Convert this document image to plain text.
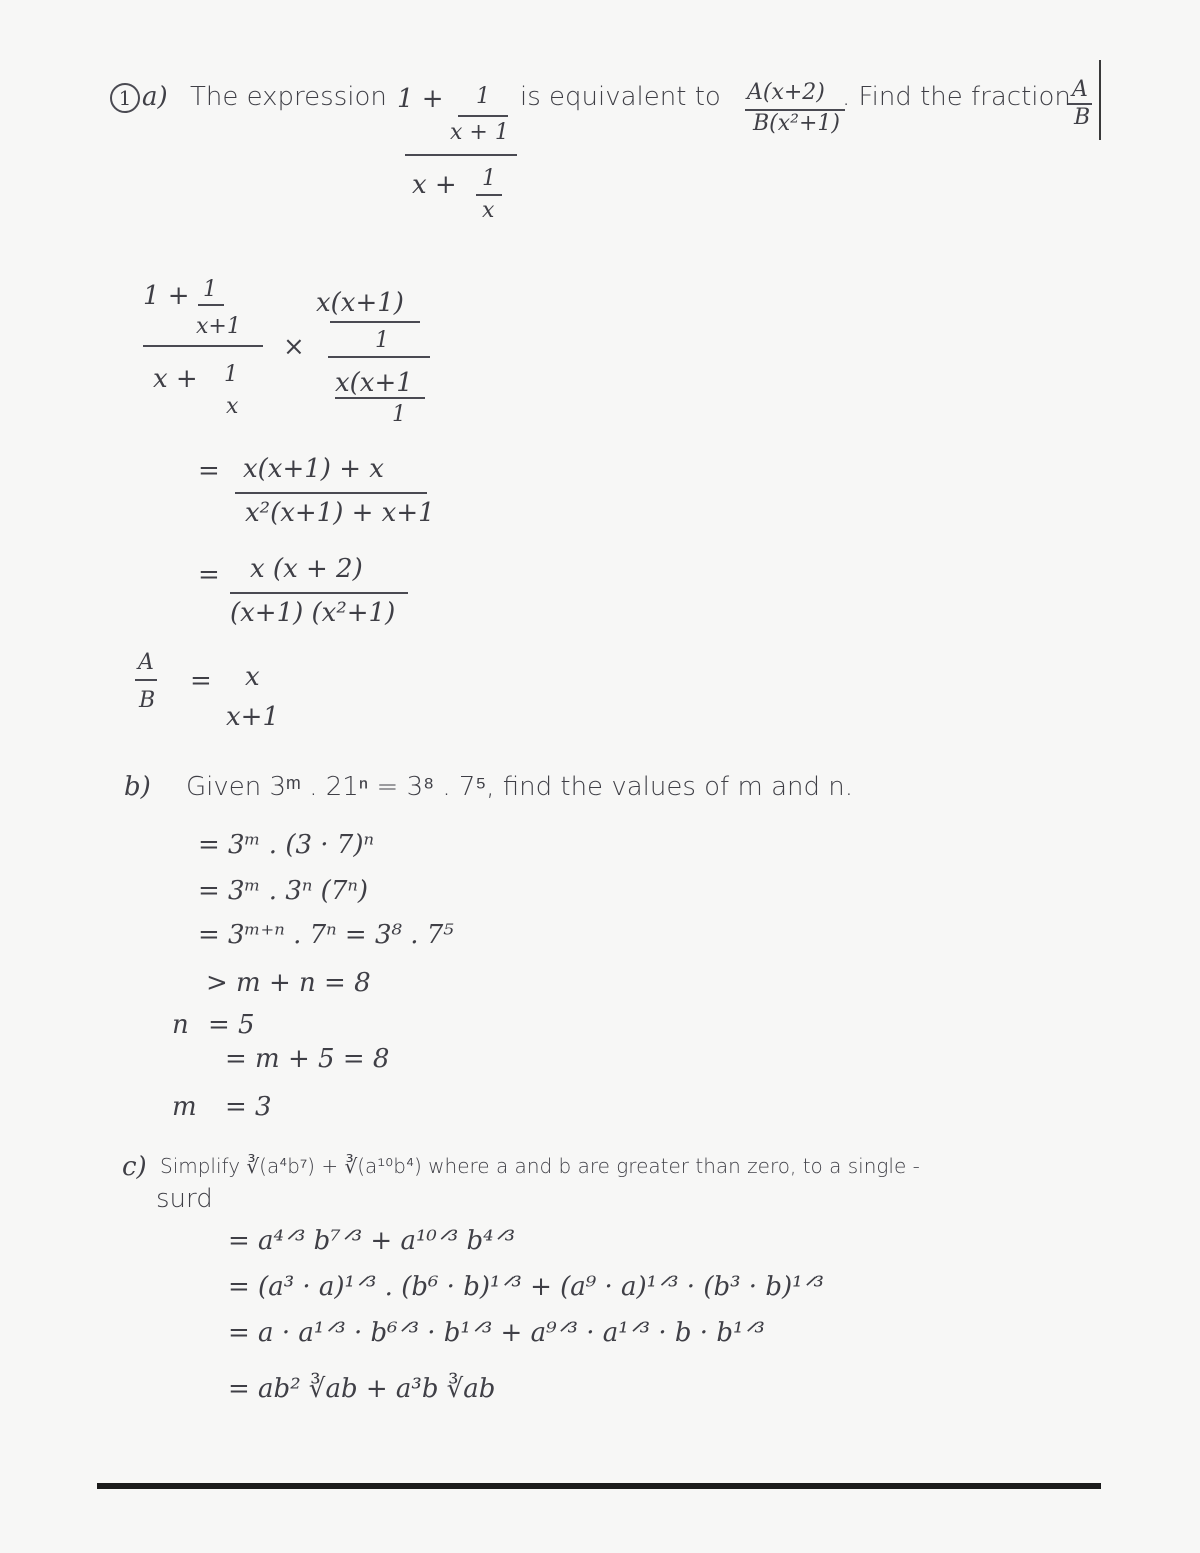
1 a) The expression 1 + 1
x + 1
x + 1
x
is equivalent to A(x+2)
B(x²+1)
. Find the fraction A
B
1 + 1
x+1
x + 1
x
×
x(x+1)
1
x(x+1
1
= x(x+1) + x
x²(x+1) + x+1
= x (x + 2)
(x+1) (x²+1)
A
B
= x
x+1
b) Given 3ᵐ . 21ⁿ = 3⁸ . 7⁵, find the values of m and n.
= 3ᵐ . (3 · 7)ⁿ
= 3ᵐ . 3ⁿ (7ⁿ)
= 3ᵐ⁺ⁿ . 7ⁿ = 3⁸ . 7⁵
> m + n = 8
n = 5
= m + 5 = 8
m = 3
c) Simplify ∛(a⁴b⁷) + ∛(a¹⁰b⁴) where a and b are greater than zero, to a single -
surd
= a⁴ᐟ³ b⁷ᐟ³ + a¹⁰ᐟ³ b⁴ᐟ³
= (a³ · a)¹ᐟ³ . (b⁶ · b)¹ᐟ³ + (a⁹ · a)¹ᐟ³ · (b³ · b)¹ᐟ³
= a · a¹ᐟ³ · b⁶ᐟ³ · b¹ᐟ³ + a⁹ᐟ³ · a¹ᐟ³ · b · b¹ᐟ³
= ab² ∛ab + a³b ∛ab
